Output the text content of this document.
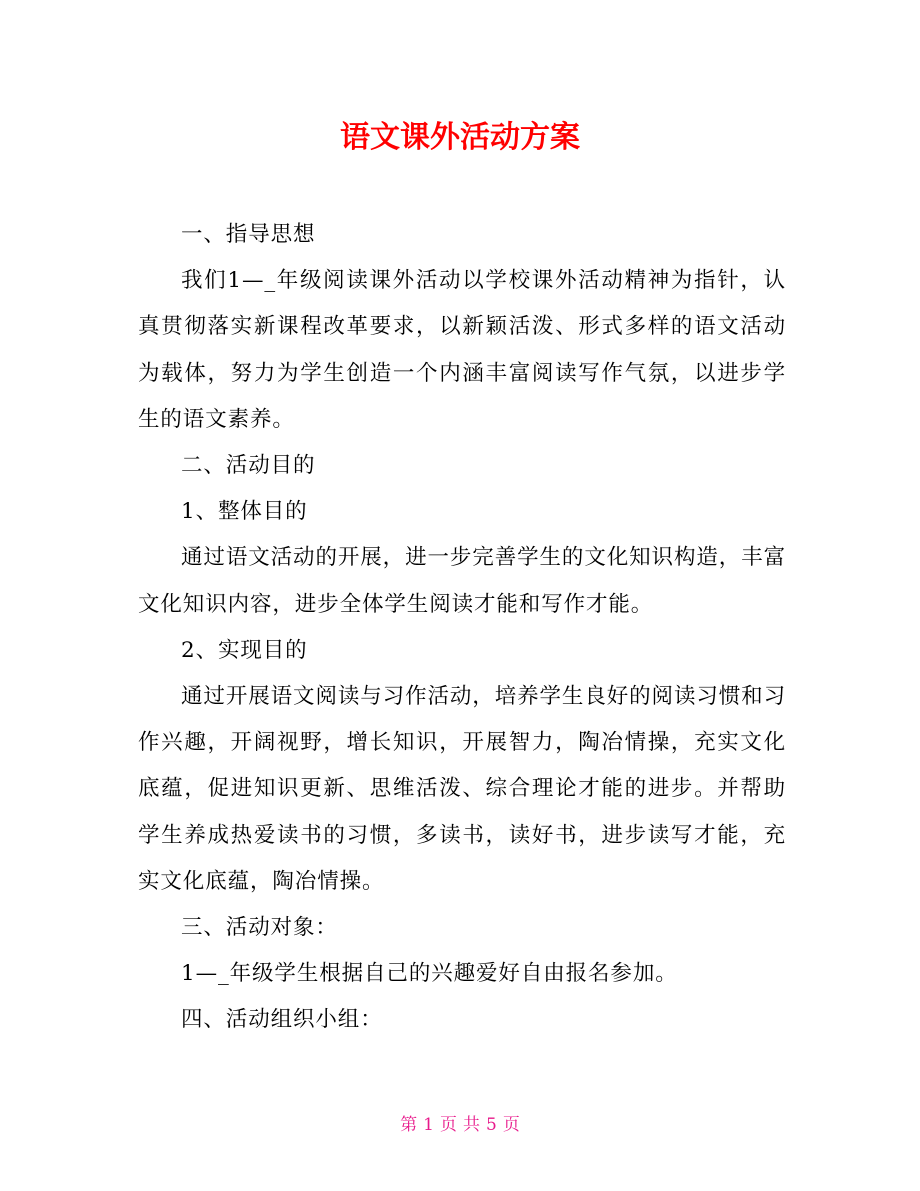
语文课外活动方案

一、指导思想

我们1—_年级阅读课外活动以学校课外活动精神为指针，认真贯彻落实新课程改革要求，以新颖活泼、形式多样的语文活动为载体，努力为学生创造一个内涵丰富阅读写作气氛，以进步学生的语文素养。

二、活动目的

1、整体目的

通过语文活动的开展，进一步完善学生的文化知识构造，丰富文化知识内容，进步全体学生阅读才能和写作才能。

2、实现目的

通过开展语文阅读与习作活动，培养学生良好的阅读习惯和习作兴趣，开阔视野，增长知识，开展智力，陶冶情操，充实文化底蕴，促进知识更新、思维活泼、综合理论才能的进步。并帮助学生养成热爱读书的习惯，多读书，读好书，进步读写才能，充实文化底蕴，陶冶情操。

三、活动对象：

1—_年级学生根据自己的兴趣爱好自由报名参加。

四、活动组织小组：

第 1 页 共 5 页
